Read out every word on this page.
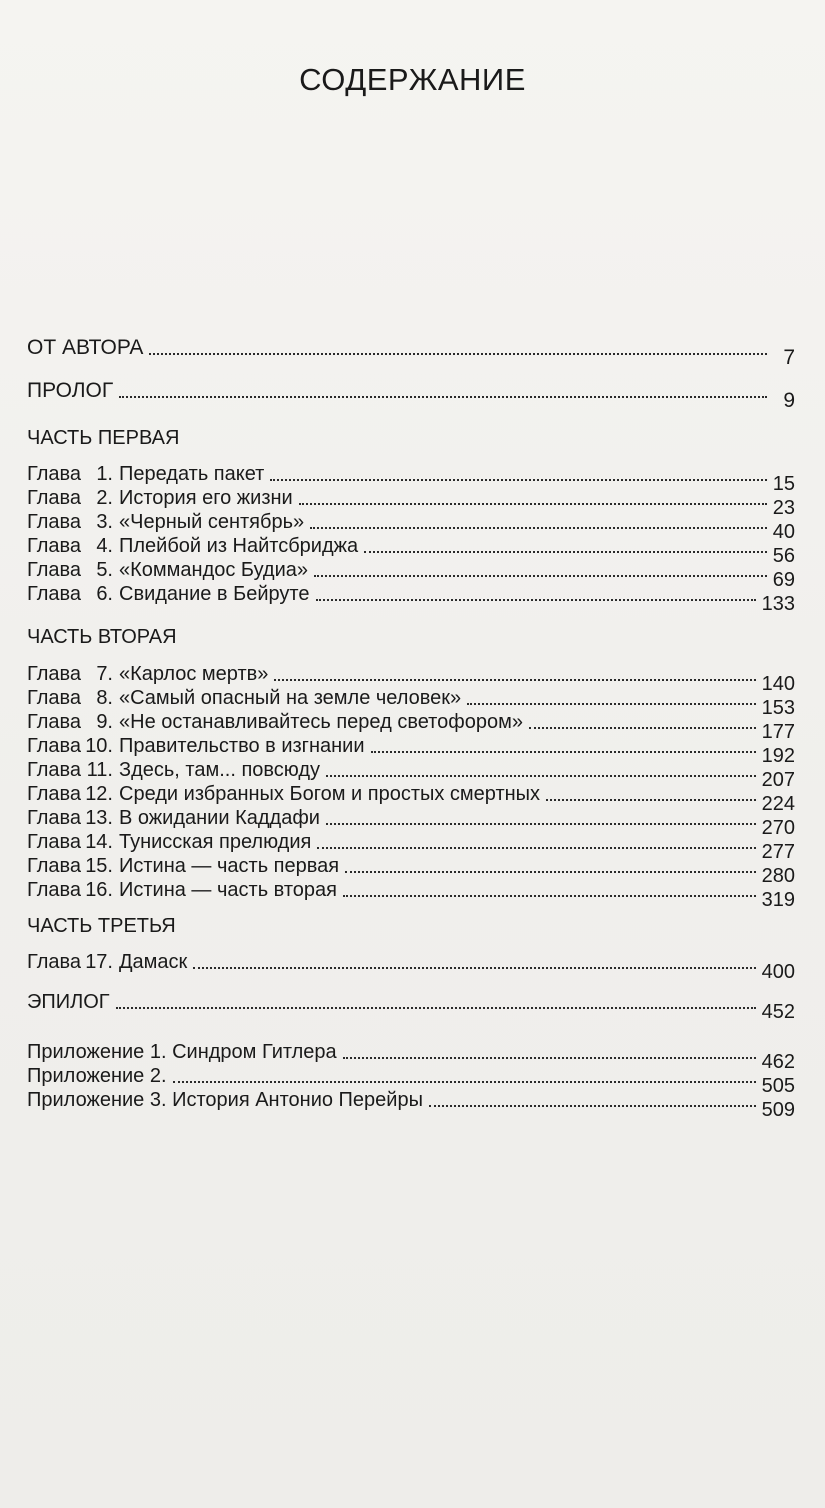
СОДЕРЖАНИЕ
ОТ АВТОРА	7
ПРОЛОГ	9
ЧАСТЬ ПЕРВАЯ
Глава 1. Передать пакет	15
Глава 2. История его жизни	23
Глава 3. «Черный сентябрь»	40
Глава 4. Плейбой из Найтсбриджа	56
Глава 5. «Коммандос Будиа»	69
Глава 6. Свидание в Бейруте	133
ЧАСТЬ ВТОРАЯ
Глава 7. «Карлос мертв»	140
Глава 8. «Самый опасный на земле человек»	153
Глава 9. «Не останавливайтесь перед светофором»	177
Глава 10. Правительство в изгнании	192
Глава 11. Здесь, там... повсюду	207
Глава 12. Среди избранных Богом и простых смертных	224
Глава 13. В ожидании Каддафи	270
Глава 14. Тунисская прелюдия	277
Глава 15. Истина — часть первая	280
Глава 16. Истина — часть вторая	319
ЧАСТЬ ТРЕТЬЯ
Глава 17. Дамаск	400
ЭПИЛОГ	452
Приложение 1. Синдром Гитлера	462
Приложение 2.	505
Приложение 3. История Антонио Перейры	509
